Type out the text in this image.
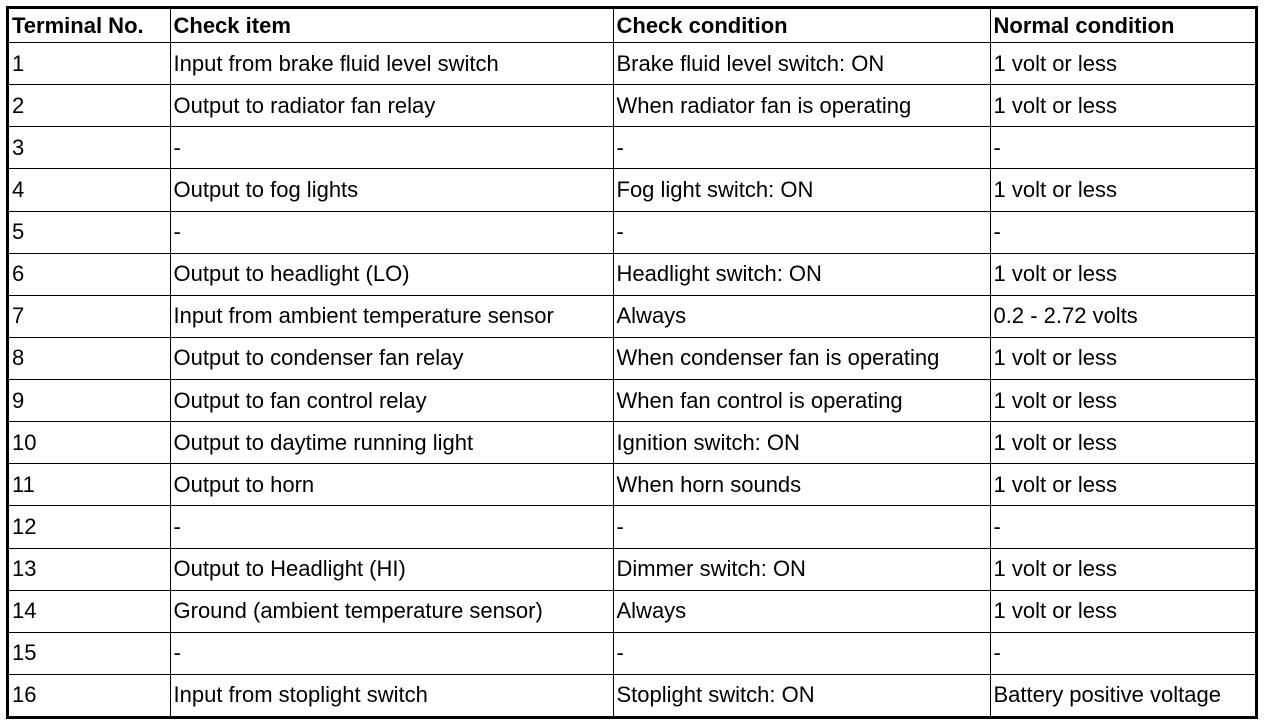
Terminal No.	Check item	Check condition	Normal condition
1	Input from brake fluid level switch	Brake fluid level switch: ON	1 volt or less
2	Output to radiator fan relay	When radiator fan is operating	1 volt or less
3	-	-	-
4	Output to fog lights	Fog light switch: ON	1 volt or less
5	-	-	-
6	Output to headlight (LO)	Headlight switch: ON	1 volt or less
7	Input from ambient temperature sensor	Always	0.2 - 2.72 volts
8	Output to condenser fan relay	When condenser fan is operating	1 volt or less
9	Output to fan control relay	When fan control is operating	1 volt or less
10	Output to daytime running light	Ignition switch: ON	1 volt or less
11	Output to horn	When horn sounds	1 volt or less
12	-	-	-
13	Output to Headlight (HI)	Dimmer switch: ON	1 volt or less
14	Ground (ambient temperature sensor)	Always	1 volt or less
15	-	-	-
16	Input from stoplight switch	Stoplight switch: ON	Battery positive voltage
